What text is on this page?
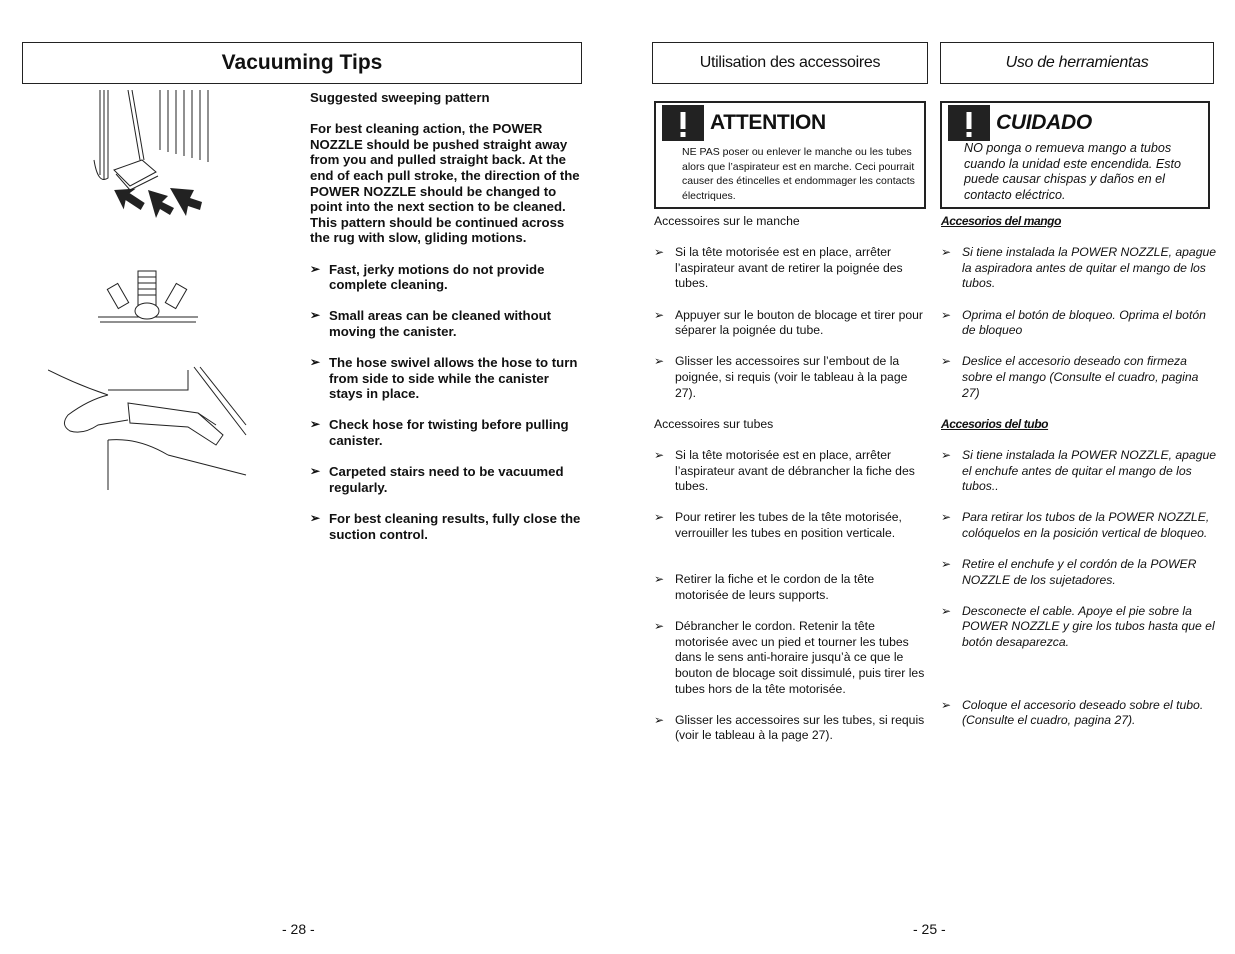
Vacuuming Tips
Suggested sweeping pattern
For best cleaning action, the POWER NOZZLE should be pushed straight away from you and pulled straight back. At the end of each pull stroke, the direction of the POWER NOZZLE should be changed to point into the next section to be cleaned. This pattern should be continued across the rug with slow, gliding motions.
➢ Fast, jerky motions do not provide complete cleaning.
➢ Small areas can be cleaned without moving the canister.
➢ The hose swivel allows the hose to turn from side to side while the canister stays in place.
➢ Check hose for twisting before pulling canister.
➢ Carpeted stairs need to be vacuumed regularly.
➢ For best cleaning results, fully close the suction control.
- 28 -
Utilisation des accessoires	Uso de herramientas
ATTENTION
NE PAS poser ou enlever le manche ou les tubes alors que l’aspirateur est en marche. Ceci pourrait causer des étincelles et endommager les contacts électriques.
CUIDADO
NO ponga o remueva mango a tubos cuando la unidad este encendida. Esto puede causar chispas y daños en el contacto eléctrico.
Accessoires sur le manche
➢ Si la tête motorisée est en place, arrêter l’aspirateur avant de retirer la poignée des tubes.
➢ Appuyer sur le bouton de blocage et tirer pour séparer la poignée du tube.
➢ Glisser les accessoires sur l’embout de la poignée, si requis (voir le tableau à la page 27).
Accessoires sur tubes
➢ Si la tête motorisée est en place, arrêter l’aspirateur avant de débrancher la fiche des tubes.
➢ Pour retirer les tubes de la tête motorisée, verrouiller les tubes en position verticale.
➢ Retirer la fiche et le cordon de la tête motorisée de leurs supports.
➢ Débrancher le cordon. Retenir la tête motorisée avec un pied et tourner les tubes dans le sens anti-horaire jusqu’à ce que le bouton de blocage soit dissimulé, puis tirer les tubes hors de la tête motorisée.
➢ Glisser les accessoires sur les tubes, si requis (voir le tableau à la page 27).
Accesorios del mango
➢ Si tiene instalada la POWER NOZZLE, apague la aspiradora antes de quitar el mango de los tubos.
➢ Oprima el botón de bloqueo. Oprima el botón de bloqueo
➢ Deslice el accesorio deseado con firmeza sobre el mango (Consulte el cuadro, pagina 27)
Accesorios del tubo
➢ Si tiene instalada la POWER NOZZLE, apague el enchufe antes de quitar el mango de los tubos..
➢ Para retirar los tubos de la POWER NOZZLE, colóquelos en la posición vertical de bloqueo.
➢ Retire el enchufe y el cordón de la POWER NOZZLE de los sujetadores.
➢ Desconecte el cable. Apoye el pie sobre la POWER NOZZLE y gire los tubos hasta que el botón desaparezca.
➢ Coloque el accesorio deseado sobre el tubo. (Consulte el cuadro, pagina 27).
- 25 -
